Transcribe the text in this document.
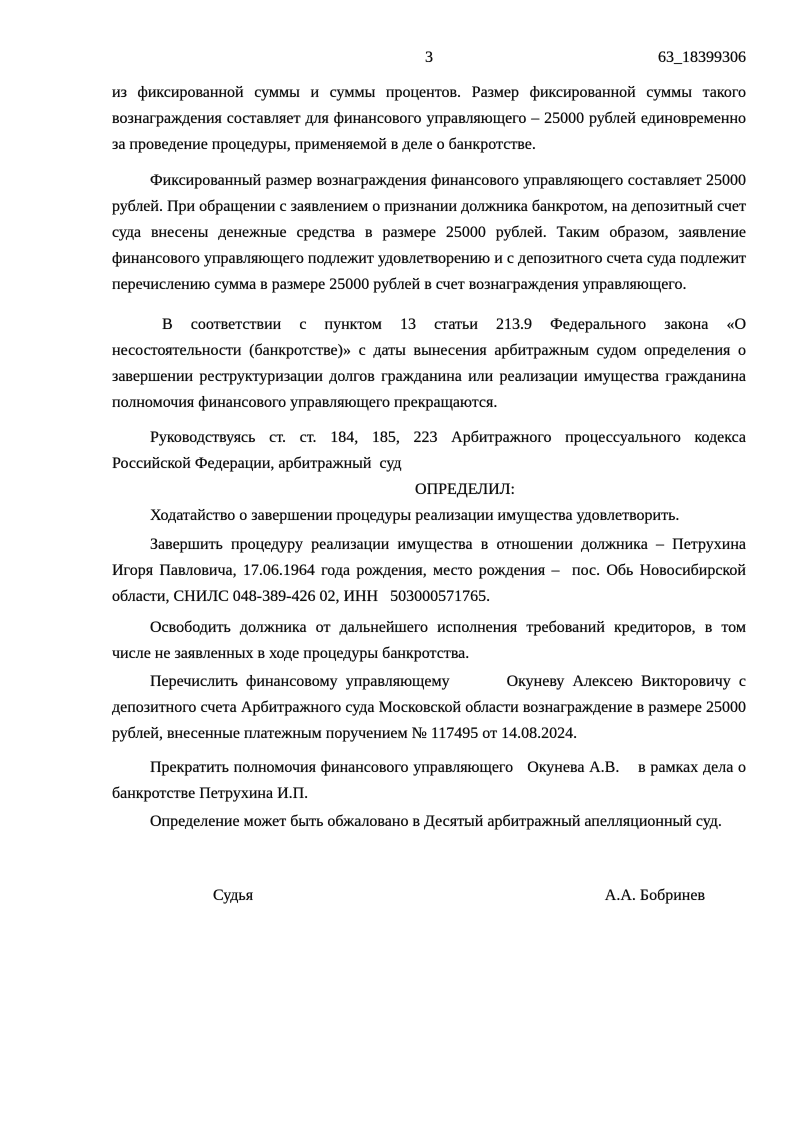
3	63_18399306

из фиксированной суммы и суммы процентов. Размер фиксированной суммы такого вознаграждения составляет для финансового управляющего – 25000 рублей единовременно за проведение процедуры, применяемой в деле о банкротстве.

Фиксированный размер вознаграждения финансового управляющего составляет 25000 рублей. При обращении с заявлением о признании должника банкротом, на депозитный счет суда внесены денежные средства в размере 25000 рублей. Таким образом, заявление финансового управляющего подлежит удовлетворению и с депозитного счета суда подлежит перечислению сумма в размере 25000 рублей в счет вознаграждения управляющего.

В соответствии с пунктом 13 статьи 213.9 Федерального закона «О несостоятельности (банкротстве)» с даты вынесения арбитражным судом определения о завершении реструктуризации долгов гражданина или реализации имущества гражданина полномочия финансового управляющего прекращаются.

Руководствуясь ст. ст. 184, 185, 223 Арбитражного процессуального кодекса Российской Федерации, арбитражный  суд

ОПРЕДЕЛИЛ:

Ходатайство о завершении процедуры реализации имущества удовлетворить.

Завершить процедуру реализации имущества в отношении должника – Петрухина Игоря Павловича, 17.06.1964 года рождения, место рождения –  пос. Обь Новосибирской области, СНИЛС 048-389-426 02, ИНН   503000571765.

Освободить должника от дальнейшего исполнения требований кредиторов, в том числе не заявленных в ходе процедуры банкротства.

Перечислить финансовому управляющему       Окуневу Алексею Викторовичу с депозитного счета Арбитражного суда Московской области вознаграждение в размере 25000 рублей, внесенные платежным поручением № 117495 от 14.08.2024.

Прекратить полномочия финансового управляющего   Окунева А.В.    в рамках дела о банкротстве Петрухина И.П.

Определение может быть обжаловано в Десятый арбитражный апелляционный суд.

Судья	А.А. Бобринев
